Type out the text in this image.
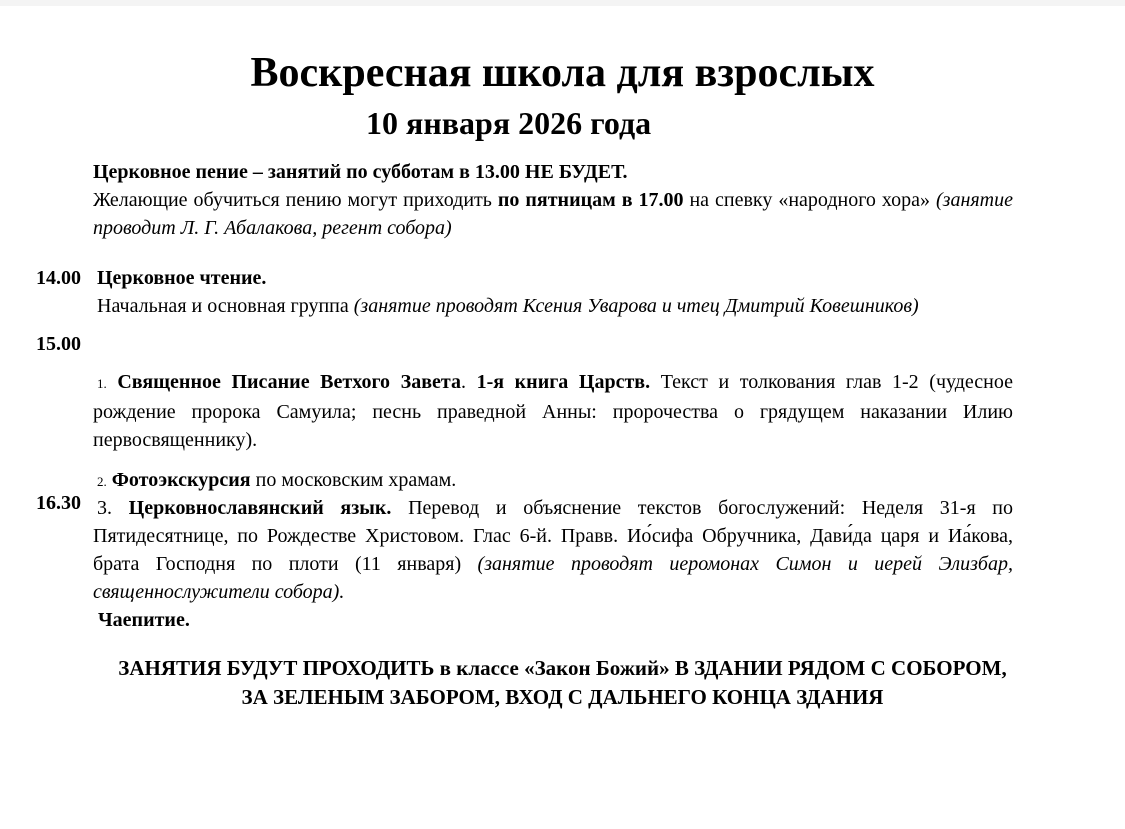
Воскресная школа для взрослых
10 января 2026 года
Церковное пение – занятий по субботам в 13.00 НЕ БУДЕТ.
Желающие обучиться пению могут приходить по пятницам в 17.00 на спевку «народного хора» (занятие проводит Л. Г. Абалакова, регент собора)
14.00
15.00
16.30
Церковное чтение.
Начальная и основная группа (занятие проводят Ксения Уварова и чтец Дмитрий Ковешников)
1. Священное Писание Ветхого Завета. 1-я книга Царств. Текст и толкования глав 1-2 (чудесное рождение пророка Самуила; песнь праведной Анны: пророчества о грядущем наказании Илию первосвященнику).
2. Фотоэкскурсия по московским храмам.
3. Церковнославянский язык. Перевод и объяснение текстов богослужений: Неделя 31-я по Пятидесятнице, по Рождестве Христовом. Глас 6-й. Правв. Ио́сифа Обручника, Дави́да царя и Иа́кова, брата Господня по плоти (11 января) (занятие проводят иеромонах Симон и иерей Элизбар, священнослужители собора).
Чаепитие.
ЗАНЯТИЯ БУДУТ ПРОХОДИТЬ в классе «Закон Божий» В ЗДАНИИ РЯДОМ С СОБОРОМ,
ЗА ЗЕЛЕНЫМ ЗАБОРОМ, ВХОД С ДАЛЬНЕГО КОНЦА ЗДАНИЯ
